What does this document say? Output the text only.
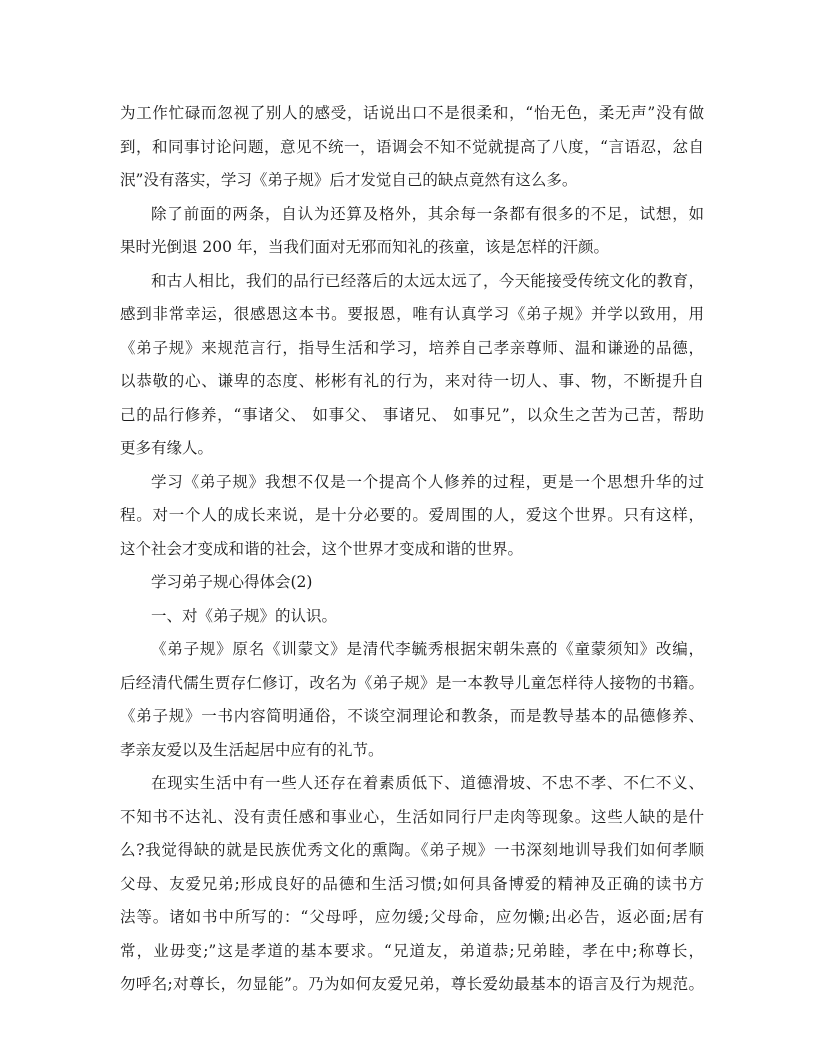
为工作忙碌而忽视了别人的感受，话说出口不是很柔和，“怡无色，柔无声”没有做
到，和同事讨论问题，意见不统一，语调会不知不觉就提高了八度，“言语忍，忿自
泯”没有落实，学习《弟子规》后才发觉自己的缺点竟然有这么多。
除了前面的两条，自认为还算及格外，其余每一条都有很多的不足，试想，如
果时光倒退 200 年，当我们面对无邪而知礼的孩童，该是怎样的汗颜。
和古人相比，我们的品行已经落后的太远太远了，今天能接受传统文化的教育，
感到非常幸运，很感恩这本书。要报恩，唯有认真学习《弟子规》并学以致用，用
《弟子规》来规范言行，指导生活和学习，培养自己孝亲尊师、温和谦逊的品德，
以恭敬的心、谦卑的态度、彬彬有礼的行为，来对待一切人、事、物，不断提升自
己的品行修养，“事诸父、 如事父、 事诸兄、 如事兄”，以众生之苦为己苦，帮助
更多有缘人。
学习《弟子规》我想不仅是一个提高个人修养的过程，更是一个思想升华的过
程。对一个人的成长来说，是十分必要的。爱周围的人，爱这个世界。只有这样，
这个社会才变成和谐的社会，这个世界才变成和谐的世界。
学习弟子规心得体会(2)
一、对《弟子规》的认识。
《弟子规》原名《训蒙文》是清代李毓秀根据宋朝朱熹的《童蒙须知》改编，
后经清代儒生贾存仁修订，改名为《弟子规》是一本教导儿童怎样待人接物的书籍。
《弟子规》一书内容简明通俗，不谈空洞理论和教条，而是教导基本的品德修养、
孝亲友爱以及生活起居中应有的礼节。
在现实生活中有一些人还存在着素质低下、道德滑坡、不忠不孝、不仁不义、
不知书不达礼、没有责任感和事业心，生活如同行尸走肉等现象。这些人缺的是什
么?我觉得缺的就是民族优秀文化的熏陶。《弟子规》一书深刻地训导我们如何孝顺
父母、友爱兄弟;形成良好的品德和生活习惯;如何具备博爱的精神及正确的读书方
法等。诸如书中所写的：“父母呼，应勿缓;父母命，应勿懒;出必告，返必面;居有
常，业毋变;”这是孝道的基本要求。“兄道友，弟道恭;兄弟睦，孝在中;称尊长，
勿呼名;对尊长，勿显能”。乃为如何友爱兄弟，尊长爱幼最基本的语言及行为规范。
